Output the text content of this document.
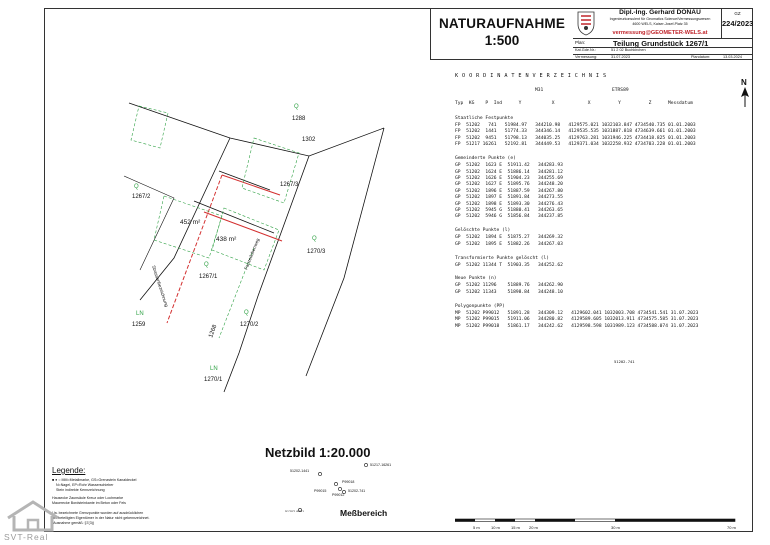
NATURAUFNAHME
1:500
Dipl.-Ing. Gerhard DONAU
Ingenieurkonsulent für Geomatics Science/Vermessungswesen
4600 WELS, Kaiser-Josef-Platz 35
vermessung@GEOMETER-WELS.at
GZ
224/2023
Plan:	Teilung Grundstück 1267/1
Kat.Gde.Nr.:	51 2 02 Buchkirchen
Vermessung:	31.07.2023	Plandatum:	13.03.2024
N
K O O R D I N A T E N V E R Z E I C H N I S
M31	ETRS89
Typ  KG    P  Ind      Y           X            X          Y          Z      Messdatum
Staatliche Festpunkte
FP  51202   741   51984.97   344210.98   4129575.021 1032103.847 4734540.735 01.01.2003
FP  51202  1441   51774.33   344346.14   4129535.535 1031887.818 4734639.661 01.01.2003
FP  51202  9451   51798.13   344035.25   4129763.281 1031946.225 4734418.825 01.01.2003
FP  51217 16261   52192.81   344449.53   4129371.034 1032258.932 4734703.228 01.01.2003
Gemeinderte Punkte (e)
GP  51202  1623 E  51911.42   344283.93
GP  51202  1624 E  51886.14   344281.12
GP  51202  1626 E  51904.23   344255.69
GP  51202  1627 E  51895.76   344248.20
GP  51202  1896 E  51887.59   344267.80
GP  51202  1897 E  51891.84   344273.55
GP  51202  1898 E  51893.30   344276.43
GP  51202  5945 G  51880.41   344263.65
GP  51202  5946 G  51856.84   344237.85
Gelöschte Punkte (l)
GP  51202  1894 E  51875.27   344269.32
GP  51202  1895 E  51882.26   344267.03
Transformierte Punkte gelöscht (l)
GP  51202 11344 T  51903.35   344252.62
Neue Punkte (n)
GP  51202 11296    51889.76   344262.90
GP  51202 11343    51898.84   344248.10
Polygonpunkte (PP)
MP  51202 P99012   51891.28   344309.12   4129602.041 1032003.708 4734541.541 31.07.2023
MP  51202 P99015   51911.06   344280.82   4129589.605 1032013.911 4734575.585 31.07.2023
MP  51202 P99018   51861.17   344242.62   4129598.598 1031989.123 4734588.074 31.07.2023
1288
1302
1267/2
1267/3
1270/3
1267/1
1268	1270/2
1259
1270/1
452 m²
438 m²
Strassenbezeichnung
Fanzedobenweg
Q
Q
Q
Q
Q
LN
LN
Netzbild 1:20.000
51202-1441
P99015
P99018
P99012
51202-741
51217-16261
51202-9451	Meßbereich
51202-741
Legende:
■ ● ○ MM=Metallmarke, GS=Grenzstein Kanaldeckel
N=Nagel, EP=Rohr Wasserschieber
Stein indirekte Kennzeichnung
Hausecke Zaunsäule Kreuz oder Lochmarke
Mauerecke Bordsteinkante im Beton oder Fels
Ua. bezeichnete Grenzpunkte wurden auf ausdrücklichen
der beteiligten Eigentümer in der Natur nicht gekennzeichnet.
(Ausnahme gemäß: §7(3))
5 m	10 m	15 m 20 m	30 m	70 m
SVT-Real
